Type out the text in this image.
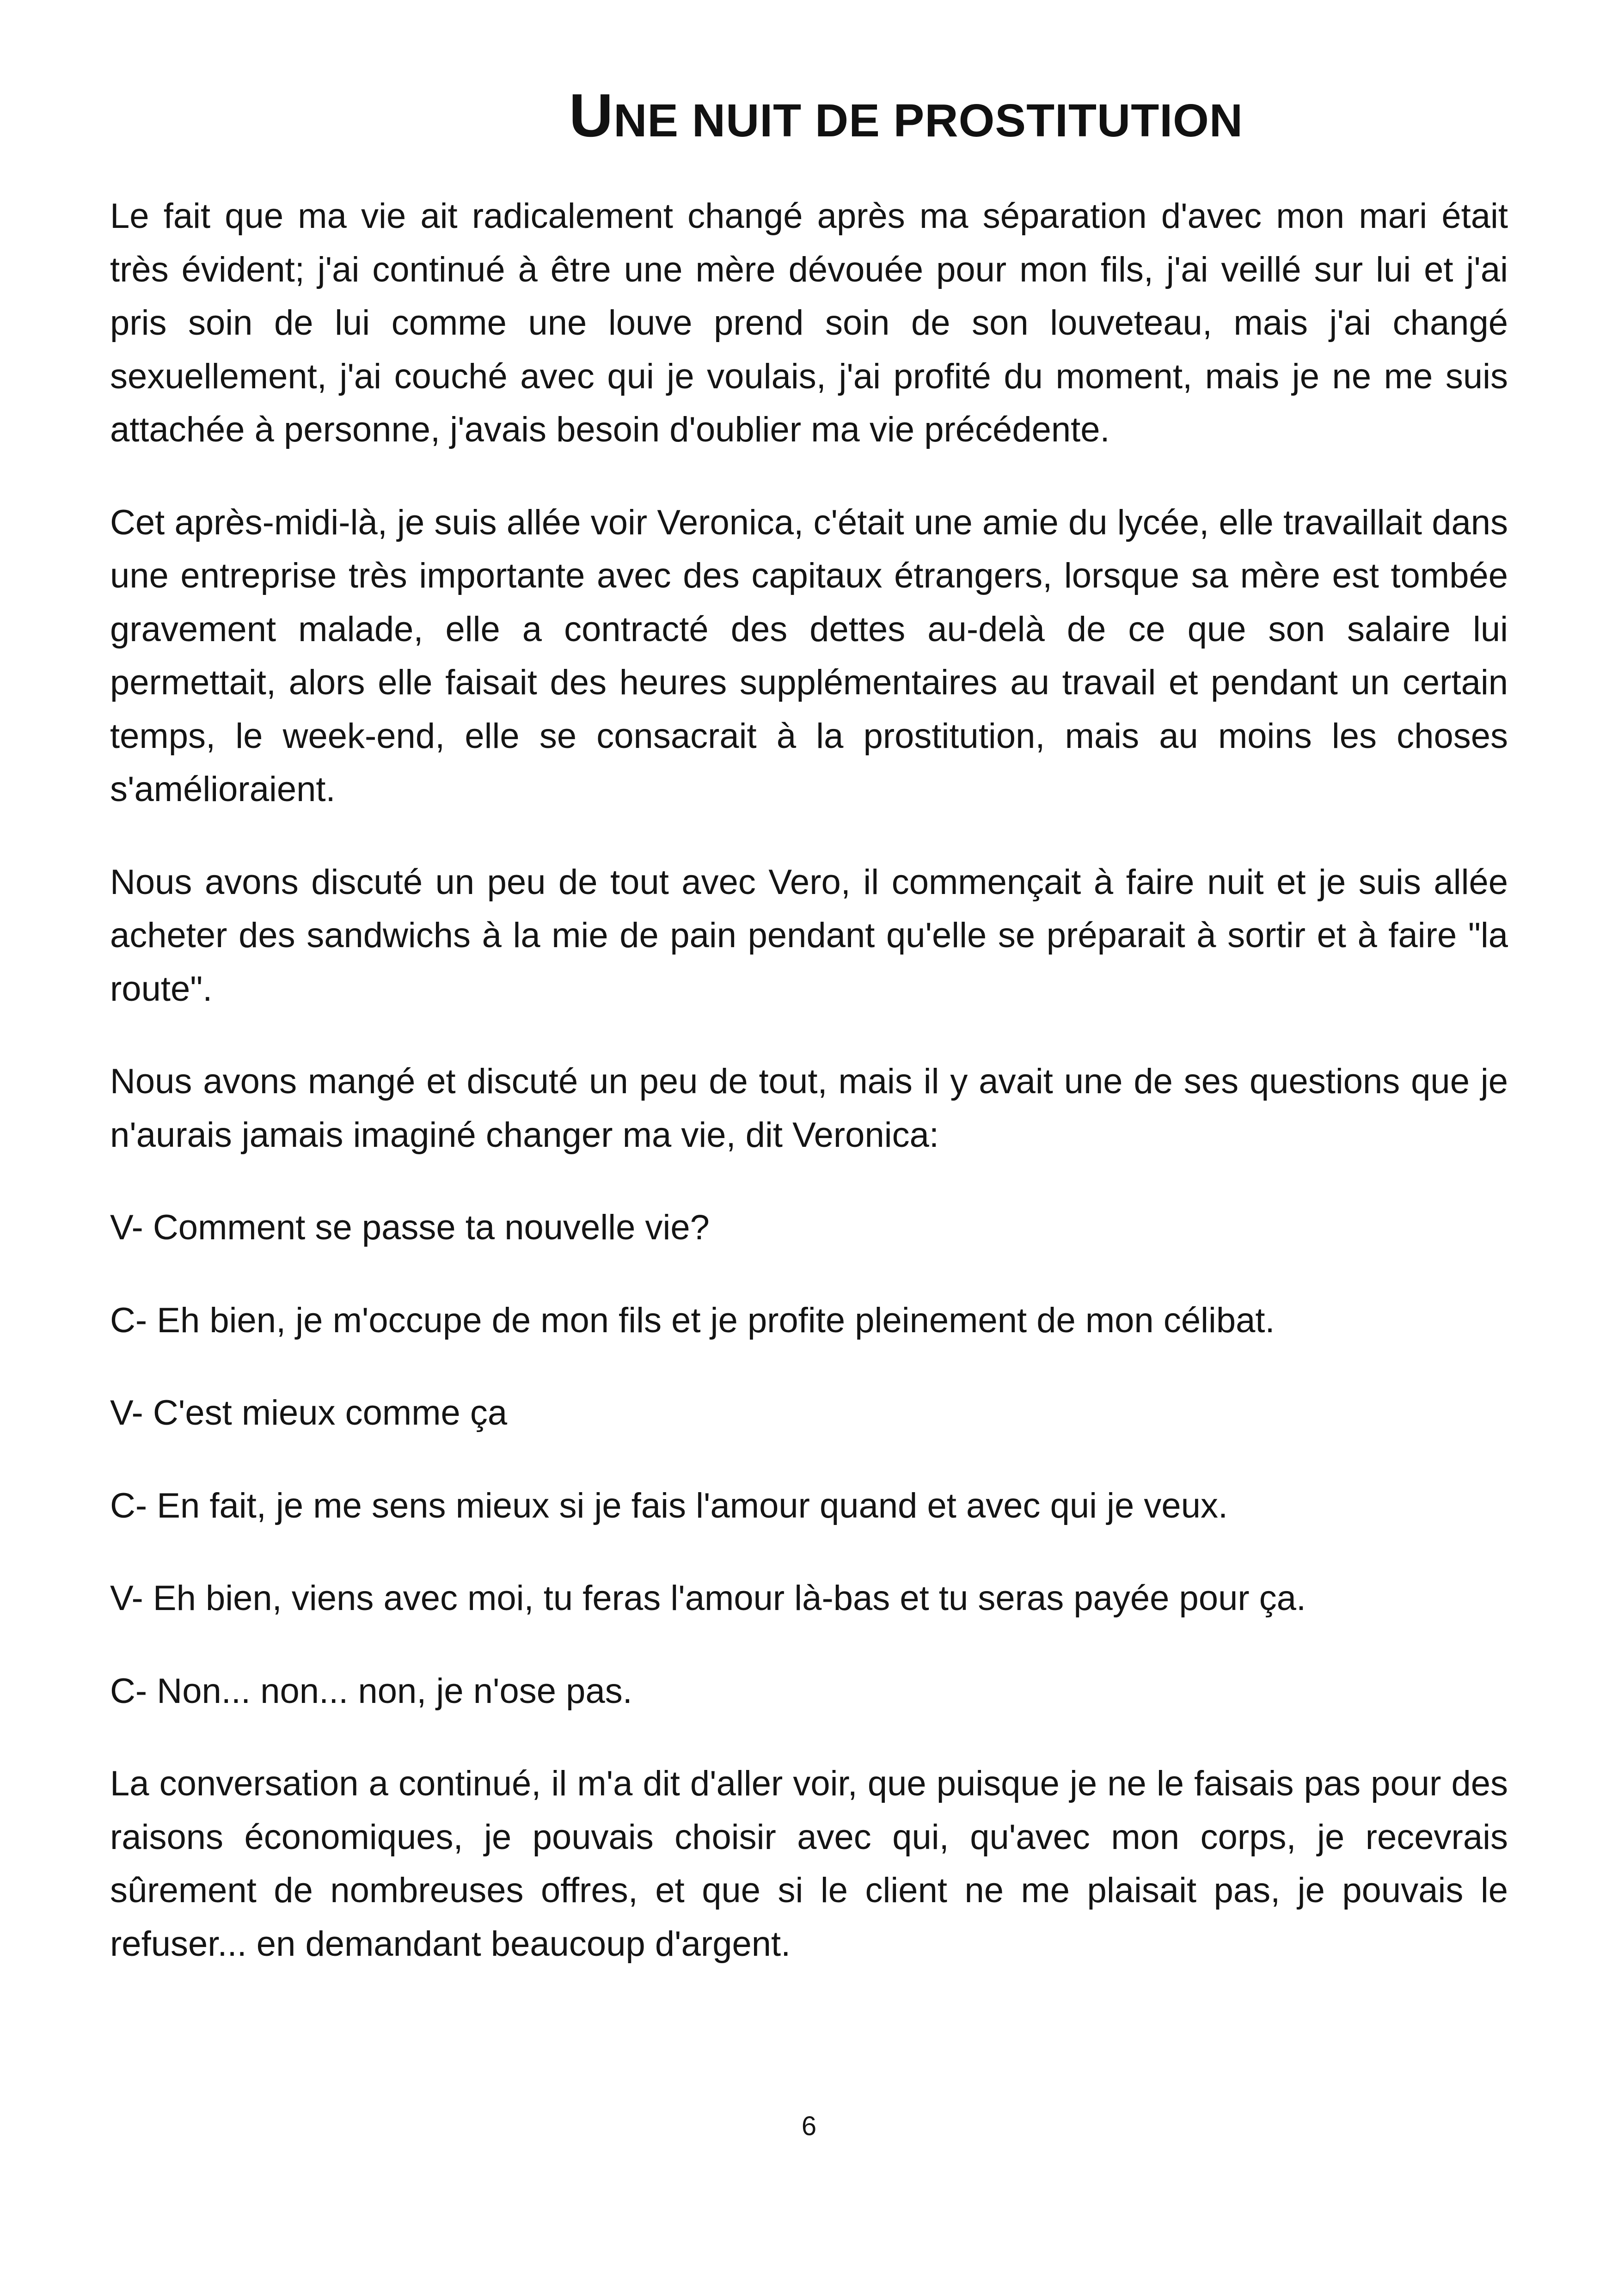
UNE NUIT DE PROSTITUTION

Le fait que ma vie ait radicalement changé après ma séparation d'avec mon mari était très évident; j'ai continué à être une mère dévouée pour mon fils, j'ai veillé sur lui et j'ai pris soin de lui comme une louve prend soin de son louveteau, mais j'ai changé sexuellement, j'ai couché avec qui je voulais, j'ai profité du moment, mais je ne me suis attachée à personne, j'avais besoin d'oublier ma vie précédente.

Cet après-midi-là, je suis allée voir Veronica, c'était une amie du lycée, elle travaillait dans une entreprise très importante avec des capitaux étrangers, lorsque sa mère est tombée gravement malade, elle a contracté des dettes au-delà de ce que son salaire lui permettait, alors elle faisait des heures supplémentaires au travail et pendant un certain temps, le week-end, elle se consacrait à la prostitution, mais au moins les choses s'amélioraient.

Nous avons discuté un peu de tout avec Vero, il commençait à faire nuit et je suis allée acheter des sandwichs à la mie de pain pendant qu'elle se préparait à sortir et à faire "la route".

Nous avons mangé et discuté un peu de tout, mais il y avait une de ses questions que je n'aurais jamais imaginé changer ma vie, dit Veronica:

V- Comment se passe ta nouvelle vie?

C- Eh bien, je m'occupe de mon fils et je profite pleinement de mon célibat.

V- C'est mieux comme ça

C- En fait, je me sens mieux si je fais l'amour quand et avec qui je veux.

V- Eh bien, viens avec moi, tu feras l'amour là-bas et tu seras payée pour ça.

C- Non... non... non, je n'ose pas.

La conversation a continué, il m'a dit d'aller voir, que puisque je ne le faisais pas pour des raisons économiques, je pouvais choisir avec qui, qu'avec mon corps, je recevrais sûrement de nombreuses offres, et que si le client ne me plaisait pas, je pouvais le refuser... en demandant beaucoup d'argent.

6
